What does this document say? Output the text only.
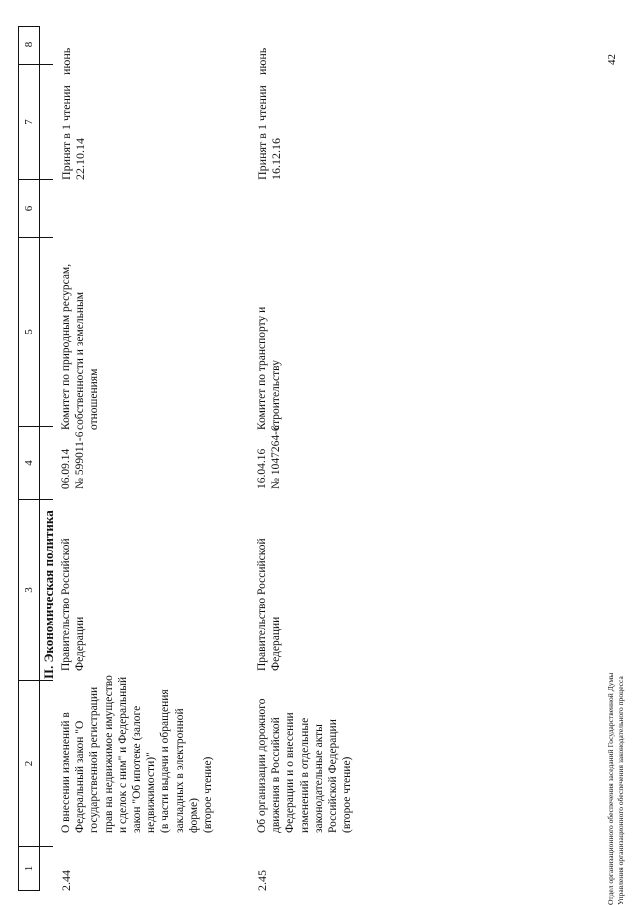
1
2
3
4
5
6
7
8
II. Экономическая политика
2.44
О внесении изменений в Федеральный закон "О государственной регистрации прав на недвижимое имущество и сделок с ним" и Федеральный закон "Об ипотеке (залоге недвижимости)"
(в части выдачи и обращения закладных в электронной форме)
(второе чтение)
Правительство Российской Федерации
06.09.14 № 599011-6
Комитет по природным ресурсам, собственности и земельным отношениям
Принят в 1 чтении 22.10.14
июнь
2.45
Об организации дорожного движения в Российской Федерации и о внесении изменений в отдельные законодательные акты Российской Федерации
(второе чтение)
Правительство Российской Федерации
16.04.16 № 1047264-6
Комитет по транспорту и строительству
Принят в 1 чтении 16.12.16
июнь
Отдел организационного обеспечения заседаний Государственной Думы Управления организационного обеспечения законодательного процесса
42
